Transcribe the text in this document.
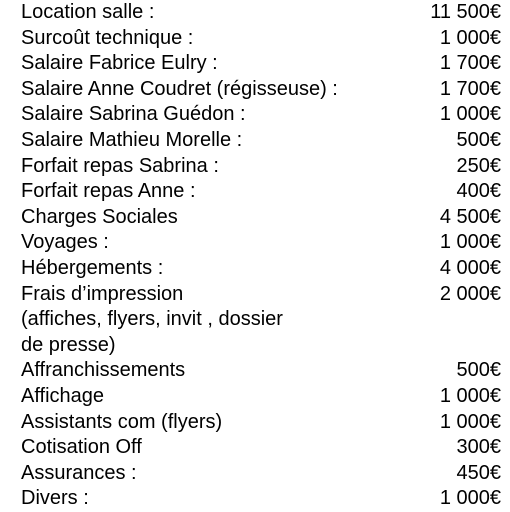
Location salle :	11 500€
Surcoût technique :	1 000€
Salaire Fabrice Eulry :	1 700€
Salaire Anne Coudret (régisseuse) :	1 700€
Salaire Sabrina Guédon :	1 000€
Salaire Mathieu Morelle :	500€
Forfait repas Sabrina :	250€
Forfait repas Anne :	400€
Charges Sociales	4 500€
Voyages :	1 000€
Hébergements :	4 000€
Frais d’impression	2 000€
(affiches, flyers, invit , dossier
de presse)
Affranchissements	500€
Affichage	1 000€
Assistants com (flyers)	1 000€
Cotisation Off	300€
Assurances :	450€
Divers :	1 000€
